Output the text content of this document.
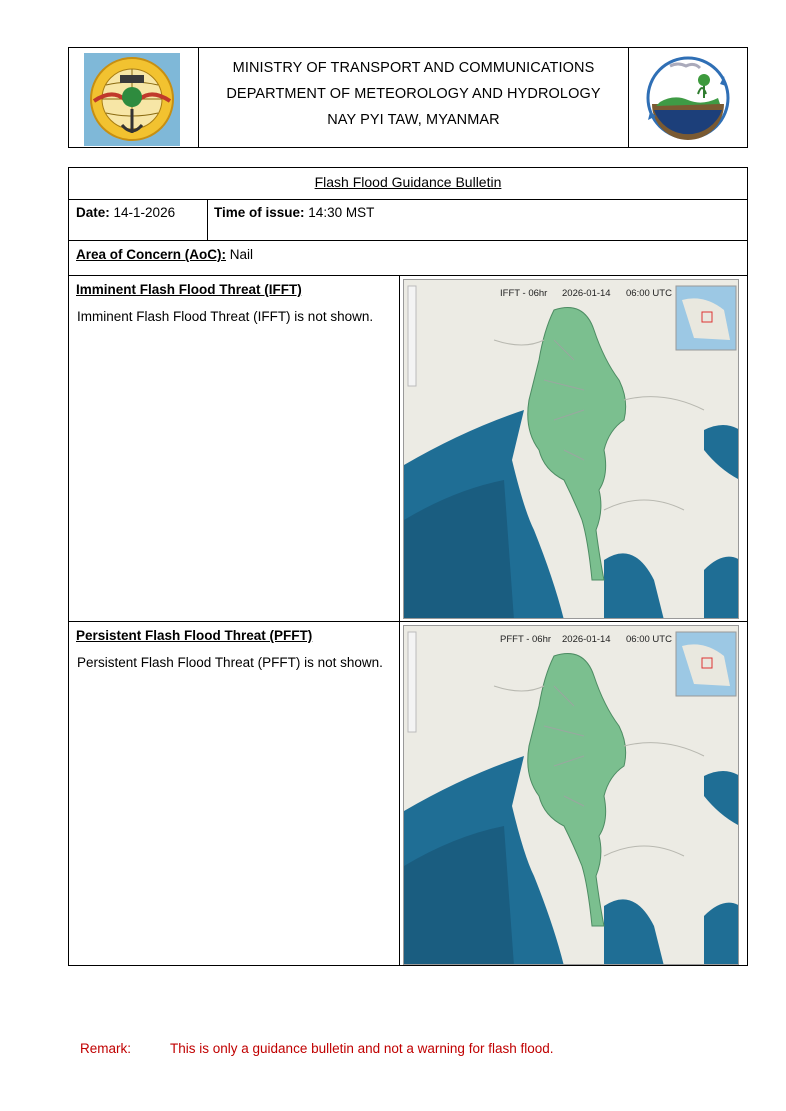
MINISTRY OF TRANSPORT AND COMMUNICATIONS
DEPARTMENT OF METEOROLOGY AND HYDROLOGY
NAY PYI TAW, MYANMAR
Flash Flood Guidance Bulletin
Date: 14-1-2026	Time of issue: 14:30 MST
Area of Concern (AoC): Nail
Imminent Flash Flood Threat (IFFT)
Imminent Flash Flood Threat (IFFT) is not shown.
IFFT - 06hr 2026-01-14 06:00 UTC
Persistent Flash Flood Threat (PFFT)
Persistent Flash Flood Threat (PFFT) is not shown.
PFFT - 06hr 2026-01-14 06:00 UTC
Remark:	This is only a guidance bulletin and not a warning for flash flood.
